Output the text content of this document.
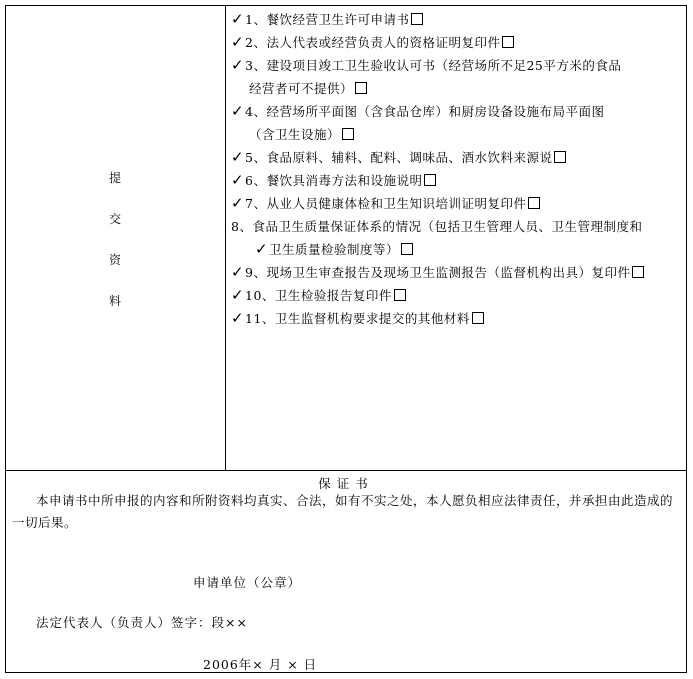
提
交
资
料
✓1、餐饮经营卫生许可申请书
✓2、法人代表或经营负责人的资格证明复印件
✓3、建设项目竣工卫生验收认可书（经营场所不足25平方米的食品
经营者可不提供）
✓4、经营场所平面图（含食品仓库）和厨房设备设施布局平面图
（含卫生设施）
✓5、食品原料、辅料、配料、调味品、酒水饮料来源说
✓6、餐饮具消毒方法和设施说明
✓7、从业人员健康体检和卫生知识培训证明复印件
8、食品卫生质量保证体系的情况（包括卫生管理人员、卫生管理制度和
✓卫生质量检验制度等）
✓9、现场卫生审查报告及现场卫生监测报告（监督机构出具）复印件
✓10、卫生检验报告复印件
✓11、卫生监督机构要求提交的其他材料
保证书
本申请书中所申报的内容和所附资料均真实、合法，如有不实之处，本人愿负相应法律责任，并承担由此造成的一切后果。
申请单位（公章）
法定代表人（负责人）签字：段××
2006年× 月 × 日
